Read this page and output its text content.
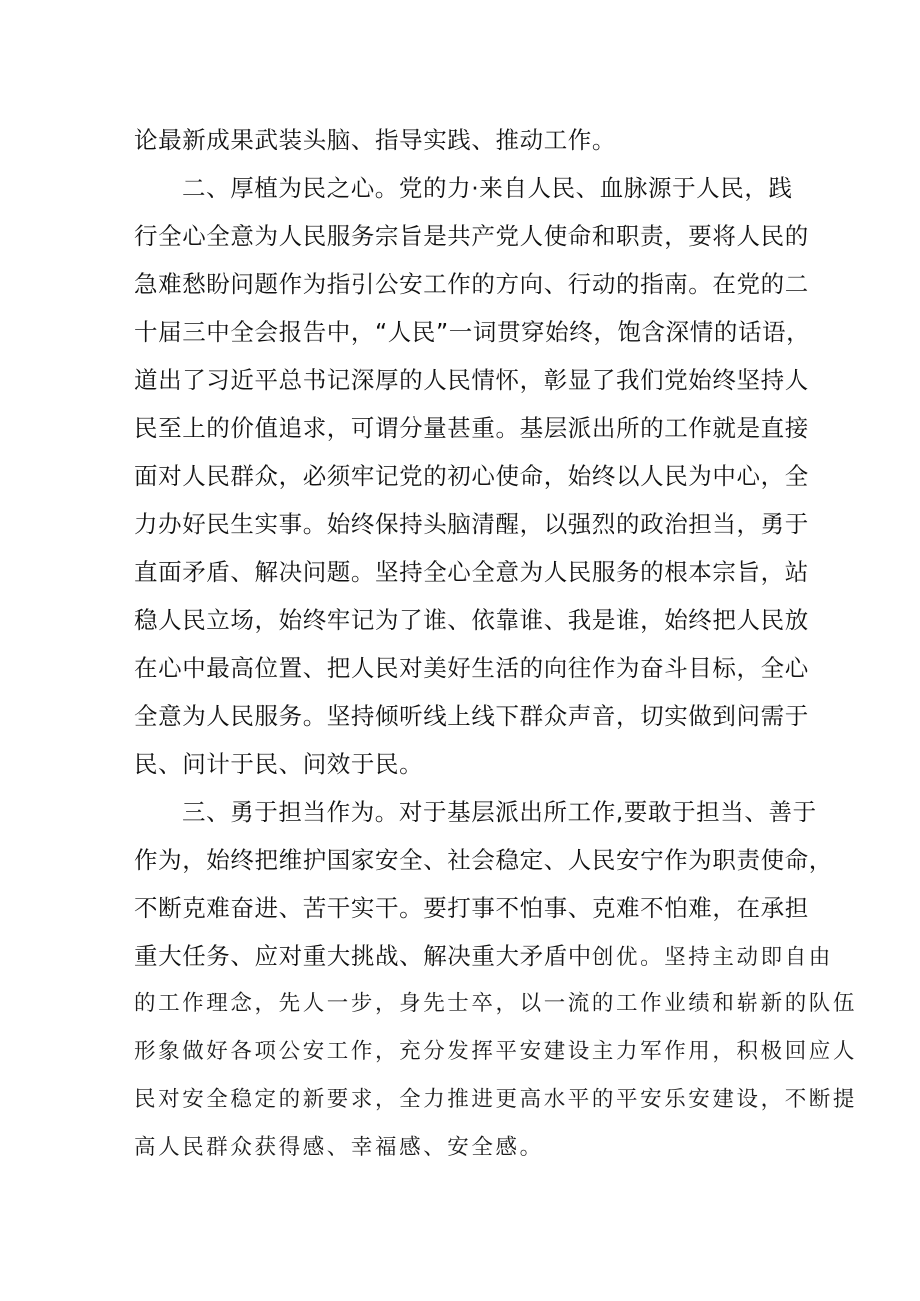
论最新成果武装头脑、指导实践、推动工作。
二、厚植为民之心。党的力·来自人民、血脉源于人民，践
行全心全意为人民服务宗旨是共产党人使命和职责，要将人民的
急难愁盼问题作为指引公安工作的方向、行动的指南。在党的二
十届三中全会报告中，“人民”一词贯穿始终，饱含深情的话语，
道出了习近平总书记深厚的人民情怀，彰显了我们党始终坚持人
民至上的价值追求，可谓分量甚重。基层派出所的工作就是直接
面对人民群众，必须牢记党的初心使命，始终以人民为中心，全
力办好民生实事。始终保持头脑清醒，以强烈的政治担当，勇于
直面矛盾、解决问题。坚持全心全意为人民服务的根本宗旨，站
稳人民立场，始终牢记为了谁、依靠谁、我是谁，始终把人民放
在心中最高位置、把人民对美好生活的向往作为奋斗目标，全心
全意为人民服务。坚持倾听线上线下群众声音，切实做到问需于
民、问计于民、问效于民。
三、勇于担当作为。对于基层派出所工作,要敢于担当、善于
作为，始终把维护国家安全、社会稳定、人民安宁作为职责使命，
不断克难奋进、苦干实干。要打事不怕事、克难不怕难，在承担
重大任务、应对重大挑战、解决重大矛盾中创优。坚持主动即自由
的工作理念，先人一步，身先士卒，以一流的工作业绩和崭新的队伍
形象做好各项公安工作，充分发挥平安建设主力军作用，积极回应人
民对安全稳定的新要求，全力推进更高水平的平安乐安建设，不断提
高人民群众获得感、幸福感、安全感。
